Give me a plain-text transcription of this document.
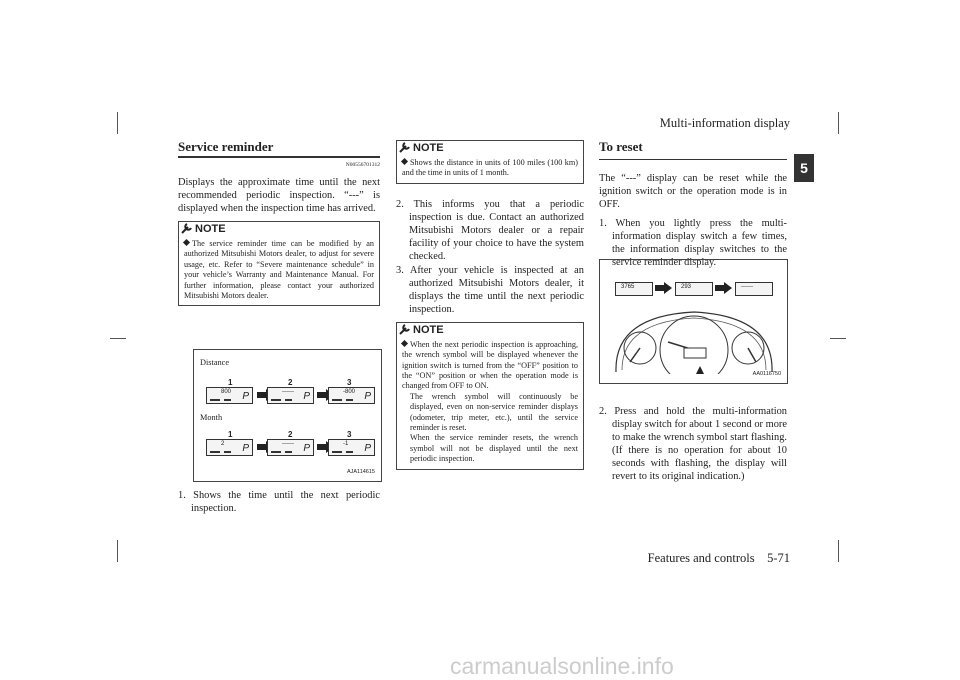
Multi-information display
5
Service reminder
N00556701312
Displays the approximate time until the next recommended periodic inspection. “---” is displayed when the inspection time has arrived.
NOTE
The service reminder time can be modified by an authorized Mitsubishi Motors dealer, to adjust for severe usage, etc. Refer to “Severe maintenance schedule” in your vehicle’s Warranty and Maintenance Manual. For further information, please contact your authorized Mitsubishi Motors dealer.
Distance
Month
1	2	3
800 P	------ P	-800 P
1	2	3
2 P	------ P	-1 P
AJA114615
1. Shows the time until the next periodic inspection.
NOTE
Shows the distance in units of 100 miles (100 km) and the time in units of 1 month.
2. This informs you that a periodic inspection is due. Contact an authorized Mitsubishi Motors dealer or a repair facility of your choice to have the system checked.
3. After your vehicle is inspected at an authorized Mitsubishi Motors dealer, it displays the time until the next periodic inspection.
NOTE
When the next periodic inspection is approaching, the wrench symbol will be displayed whenever the ignition switch is turned from the “OFF” position to the “ON” position or when the operation mode is changed from OFF to ON.
The wrench symbol will continuously be displayed, even on non-service reminder displays (odometer, trip meter, etc.), until the service reminder is reset.
When the service reminder resets, the wrench symbol will not be displayed until the next periodic inspection.
To reset
The “---” display can be reset while the ignition switch or the operation mode is in OFF.
1. When you lightly press the multi-information display switch a few times, the information display switches to the service reminder display.
3765	293	------
AA0116750
2. Press and hold the multi-information display switch for about 1 second or more to make the wrench symbol start flashing. (If there is no operation for about 10 seconds with flashing, the display will revert to its original indication.)
Features and controls 5-71
carmanualsonline.info
